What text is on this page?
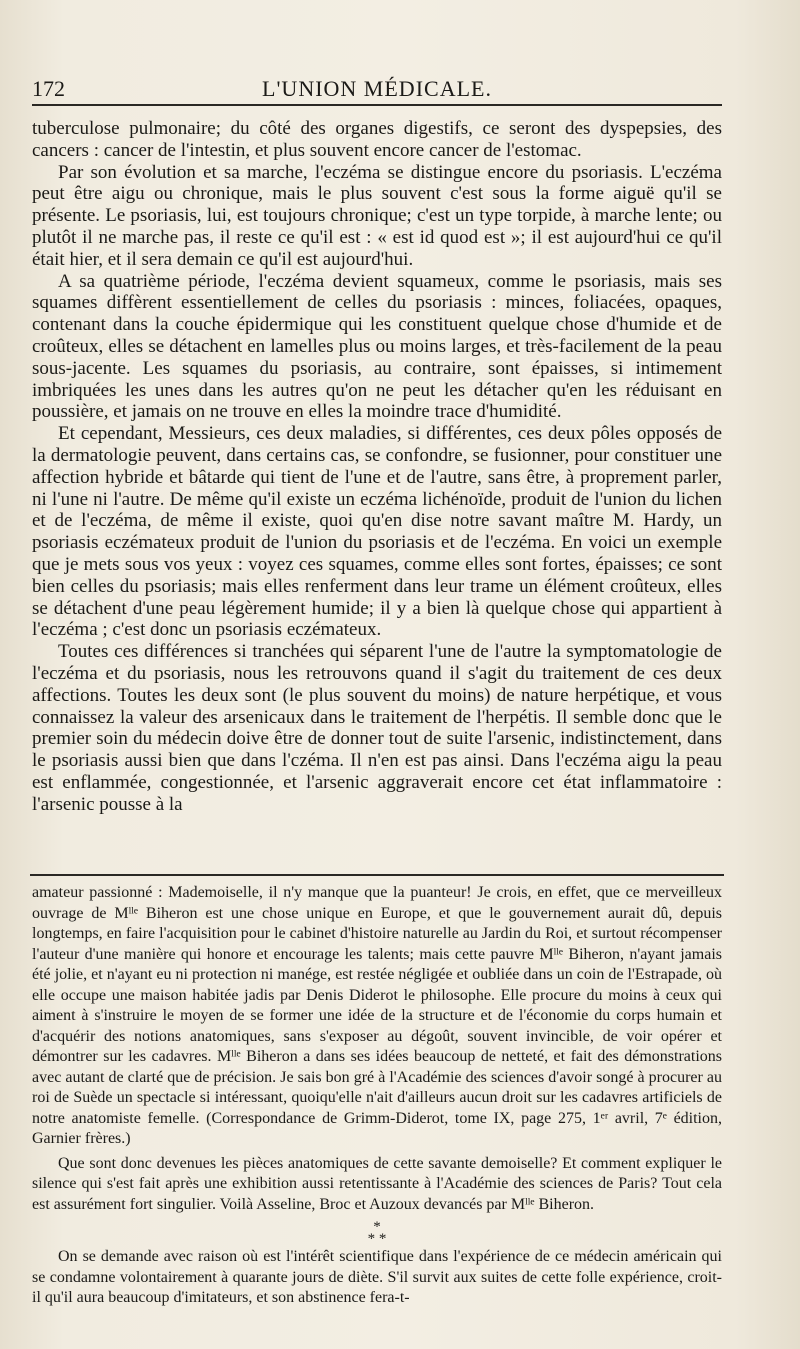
172	L'UNION MÉDICALE.

tuberculose pulmonaire; du côté des organes digestifs, ce seront des dyspepsies, des cancers : cancer de l'intestin, et plus souvent encore cancer de l'estomac.

Par son évolution et sa marche, l'eczéma se distingue encore du psoriasis. L'eczéma peut être aigu ou chronique, mais le plus souvent c'est sous la forme aiguë qu'il se présente. Le psoriasis, lui, est toujours chronique; c'est un type torpide, à marche lente; ou plutôt il ne marche pas, il reste ce qu'il est : « est id quod est »; il est aujourd'hui ce qu'il était hier, et il sera demain ce qu'il est aujourd'hui.

A sa quatrième période, l'eczéma devient squameux, comme le psoriasis, mais ses squames diffèrent essentiellement de celles du psoriasis : minces, foliacées, opaques, contenant dans la couche épidermique qui les constituent quelque chose d'humide et de croûteux, elles se détachent en lamelles plus ou moins larges, et très-facilement de la peau sous-jacente. Les squames du psoriasis, au contraire, sont épaisses, si intimement imbriquées les unes dans les autres qu'on ne peut les détacher qu'en les réduisant en poussière, et jamais on ne trouve en elles la moindre trace d'humidité.

Et cependant, Messieurs, ces deux maladies, si différentes, ces deux pôles opposés de la dermatologie peuvent, dans certains cas, se confondre, se fusionner, pour constituer une affection hybride et bâtarde qui tient de l'une et de l'autre, sans être, à proprement parler, ni l'une ni l'autre. De même qu'il existe un eczéma lichénoïde, produit de l'union du lichen et de l'eczéma, de même il existe, quoi qu'en dise notre savant maître M. Hardy, un psoriasis eczémateux produit de l'union du psoriasis et de l'eczéma. En voici un exemple que je mets sous vos yeux : voyez ces squames, comme elles sont fortes, épaisses; ce sont bien celles du psoriasis; mais elles renferment dans leur trame un élément croûteux, elles se détachent d'une peau légèrement humide; il y a bien là quelque chose qui appartient à l'eczéma ; c'est donc un psoriasis eczémateux.

Toutes ces différences si tranchées qui séparent l'une de l'autre la symptomatologie de l'eczéma et du psoriasis, nous les retrouvons quand il s'agit du traitement de ces deux affections. Toutes les deux sont (le plus souvent du moins) de nature herpétique, et vous connaissez la valeur des arsenicaux dans le traitement de l'herpétis. Il semble donc que le premier soin du médecin doive être de donner tout de suite l'arsenic, indistinctement, dans le psoriasis aussi bien que dans l'czéma. Il n'en est pas ainsi. Dans l'eczéma aigu la peau est enflammée, congestionnée, et l'arsenic aggraverait encore cet état inflammatoire : l'arsenic pousse à la

amateur passionné : Mademoiselle, il n'y manque que la puanteur! Je crois, en effet, que ce merveilleux ouvrage de Mˡˡᵉ Biheron est une chose unique en Europe, et que le gouvernement aurait dû, depuis longtemps, en faire l'acquisition pour le cabinet d'histoire naturelle au Jardin du Roi, et surtout récompenser l'auteur d'une manière qui honore et encourage les talents; mais cette pauvre Mˡˡᵉ Biheron, n'ayant jamais été jolie, et n'ayant eu ni protection ni manége, est restée négligée et oubliée dans un coin de l'Estrapade, où elle occupe une maison habitée jadis par Denis Diderot le philosophe. Elle procure du moins à ceux qui aiment à s'instruire le moyen de se former une idée de la structure et de l'économie du corps humain et d'acquérir des notions anatomiques, sans s'exposer au dégoût, souvent invincible, de voir opérer et démontrer sur les cadavres. Mˡˡᵉ Biheron a dans ses idées beaucoup de netteté, et fait des démonstrations avec autant de clarté que de précision. Je sais bon gré à l'Académie des sciences d'avoir songé à procurer au roi de Suède un spectacle si intéressant, quoiqu'elle n'ait d'ailleurs aucun droit sur les cadavres artificiels de notre anatomiste femelle. (Correspondance de Grimm-Diderot, tome IX, page 275, 1ᵉʳ avril, 7ᵉ édition, Garnier frères.)

Que sont donc devenues les pièces anatomiques de cette savante demoiselle? Et comment expliquer le silence qui s'est fait après une exhibition aussi retentissante à l'Académie des sciences de Paris? Tout cela est assurément fort singulier. Voilà Asseline, Broc et Auzoux devancés par Mˡˡᵉ Biheron.

*
* *

On se demande avec raison où est l'intérêt scientifique dans l'expérience de ce médecin américain qui se condamne volontairement à quarante jours de diète. S'il survit aux suites de cette folle expérience, croit-il qu'il aura beaucoup d'imitateurs, et son abstinence fera-t-
